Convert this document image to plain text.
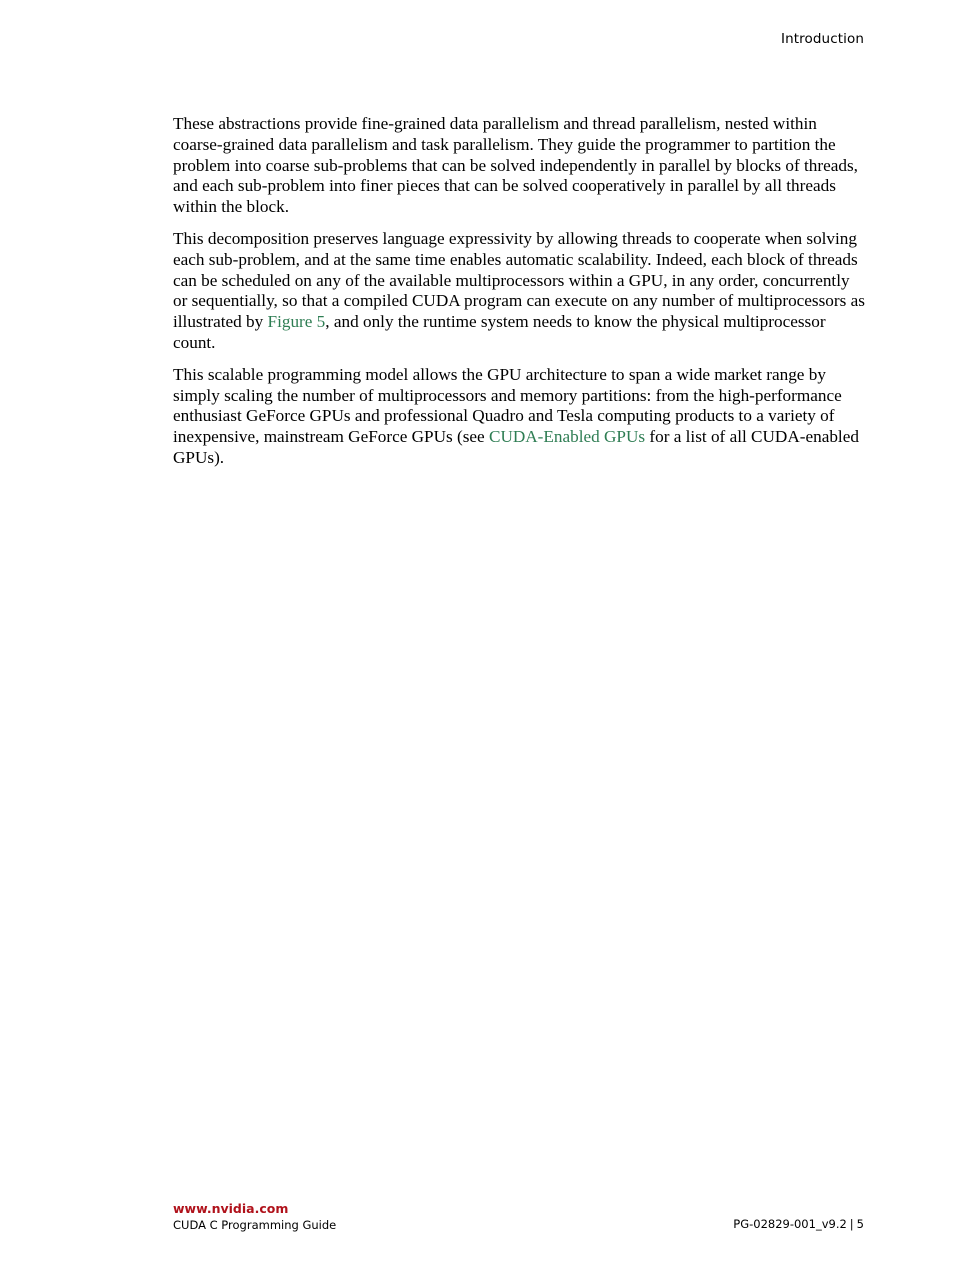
Introduction

These abstractions provide fine-grained data parallelism and thread parallelism, nested within coarse-grained data parallelism and task parallelism. They guide the programmer to partition the problem into coarse sub-problems that can be solved independently in parallel by blocks of threads, and each sub-problem into finer pieces that can be solved cooperatively in parallel by all threads within the block.

This decomposition preserves language expressivity by allowing threads to cooperate when solving each sub-problem, and at the same time enables automatic scalability. Indeed, each block of threads can be scheduled on any of the available multiprocessors within a GPU, in any order, concurrently or sequentially, so that a compiled CUDA program can execute on any number of multiprocessors as illustrated by Figure 5, and only the runtime system needs to know the physical multiprocessor count.

This scalable programming model allows the GPU architecture to span a wide market range by simply scaling the number of multiprocessors and memory partitions: from the high-performance enthusiast GeForce GPUs and professional Quadro and Tesla computing products to a variety of inexpensive, mainstream GeForce GPUs (see CUDA-Enabled GPUs for a list of all CUDA-enabled GPUs).

www.nvidia.com
CUDA C Programming Guide	PG-02829-001_v9.2 | 5
